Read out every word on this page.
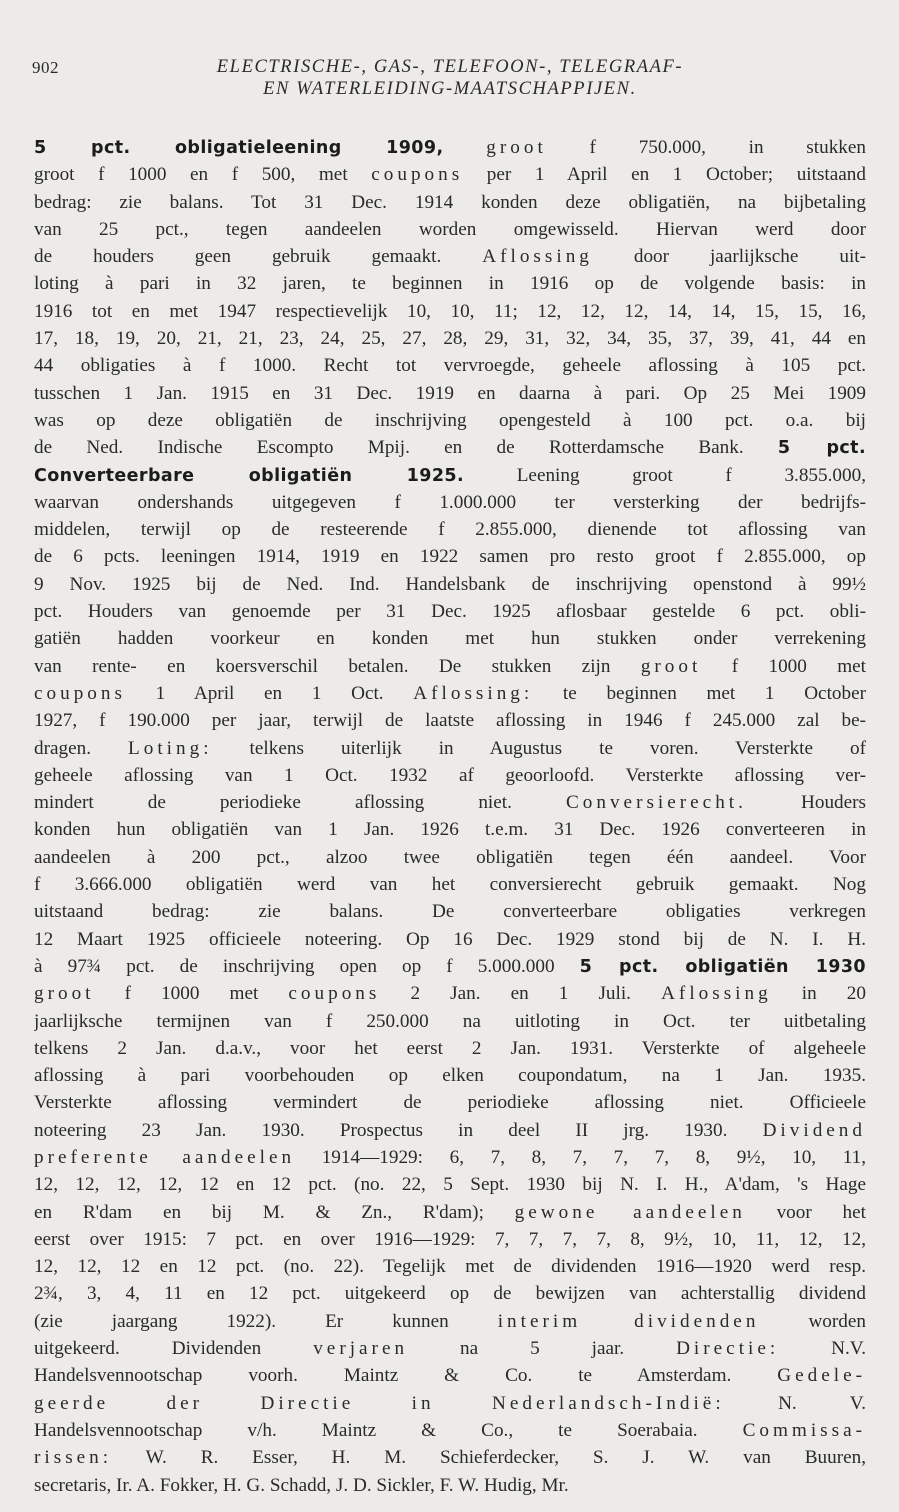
902	ELECTRISCHE-, GAS-, TELEFOON-, TELEGRAAF-
EN WATERLEIDING-MAATSCHAPPIJEN.
5 pct. obligatieleening 1909, groot f 750.000, in stukken
groot f 1000 en f 500, met coupons per 1 April en 1 October; uitstaand
bedrag: zie balans. Tot 31 Dec. 1914 konden deze obligatiën, na bijbetaling
van 25 pct., tegen aandeelen worden omgewisseld. Hiervan werd door
de houders geen gebruik gemaakt. Aflossing door jaarlijksche uit-
loting à pari in 32 jaren, te beginnen in 1916 op de volgende basis: in
1916 tot en met 1947 respectievelijk 10, 10, 11; 12, 12, 12, 14, 14, 15, 15, 16,
17, 18, 19, 20, 21, 21, 23, 24, 25, 27, 28, 29, 31, 32, 34, 35, 37, 39, 41, 44 en
44 obligaties à f 1000. Recht tot vervroegde, geheele aflossing à 105 pct.
tusschen 1 Jan. 1915 en 31 Dec. 1919 en daarna à pari. Op 25 Mei 1909
was op deze obligatiën de inschrijving opengesteld à 100 pct. o.a. bij
de Ned. Indische Escompto Mpij. en de Rotterdamsche Bank. 5 pct.
Converteerbare obligatiën 1925. Leening groot f 3.855.000,
waarvan ondershands uitgegeven f 1.000.000 ter versterking der bedrijfs-
middelen, terwijl op de resteerende f 2.855.000, dienende tot aflossing van
de 6 pcts. leeningen 1914, 1919 en 1922 samen pro resto groot f 2.855.000, op
9 Nov. 1925 bij de Ned. Ind. Handelsbank de inschrijving openstond à 99½
pct. Houders van genoemde per 31 Dec. 1925 aflosbaar gestelde 6 pct. obli-
gatiën hadden voorkeur en konden met hun stukken onder verrekening
van rente- en koersverschil betalen. De stukken zijn groot f 1000 met
coupons 1 April en 1 Oct. Aflossing: te beginnen met 1 October
1927, f 190.000 per jaar, terwijl de laatste aflossing in 1946 f 245.000 zal be-
dragen. Loting: telkens uiterlijk in Augustus te voren. Versterkte of
geheele aflossing van 1 Oct. 1932 af geoorloofd. Versterkte aflossing ver-
mindert de periodieke aflossing niet. Conversierecht. Houders
konden hun obligatiën van 1 Jan. 1926 t.e.m. 31 Dec. 1926 converteeren in
aandeelen à 200 pct., alzoo twee obligatiën tegen één aandeel. Voor
f 3.666.000 obligatiën werd van het conversierecht gebruik gemaakt. Nog
uitstaand bedrag: zie balans. De converteerbare obligaties verkregen
12 Maart 1925 officieele noteering. Op 16 Dec. 1929 stond bij de N. I. H.
à 97¾ pct. de inschrijving open op f 5.000.000 5 pct. obligatiën 1930
groot f 1000 met coupons 2 Jan. en 1 Juli. Aflossing in 20
jaarlijksche termijnen van f 250.000 na uitloting in Oct. ter uitbetaling
telkens 2 Jan. d.a.v., voor het eerst 2 Jan. 1931. Versterkte of algeheele
aflossing à pari voorbehouden op elken coupondatum, na 1 Jan. 1935.
Versterkte aflossing vermindert de periodieke aflossing niet. Officieele
noteering 23 Jan. 1930. Prospectus in deel II jrg. 1930. Dividend
preferente aandeelen 1914—1929: 6, 7, 8, 7, 7, 7, 8, 9½, 10, 11,
12, 12, 12, 12, 12 en 12 pct. (no. 22, 5 Sept. 1930 bij N. I. H., A'dam, 's Hage
en R'dam en bij M. & Zn., R'dam); gewone aandeelen voor het
eerst over 1915: 7 pct. en over 1916—1929: 7, 7, 7, 7, 8, 9½, 10, 11, 12, 12,
12, 12, 12 en 12 pct. (no. 22). Tegelijk met de dividenden 1916—1920 werd resp.
2¾, 3, 4, 11 en 12 pct. uitgekeerd op de bewijzen van achterstallig dividend
(zie jaargang 1922). Er kunnen interim dividenden worden
uitgekeerd. Dividenden verjaren na 5 jaar. Directie: N.V.
Handelsvennootschap voorh. Maintz & Co. te Amsterdam. Gedele-
geerde der Directie in Nederlandsch-Indië: N. V.
Handelsvennootschap v/h. Maintz & Co., te Soerabaia. Commissa-
rissen: W. R. Esser, H. M. Schieferdecker, S. J. W. van Buuren,
secretaris, Ir. A. Fokker, H. G. Schadd, J. D. Sickler, F. W. Hudig, Mr.
